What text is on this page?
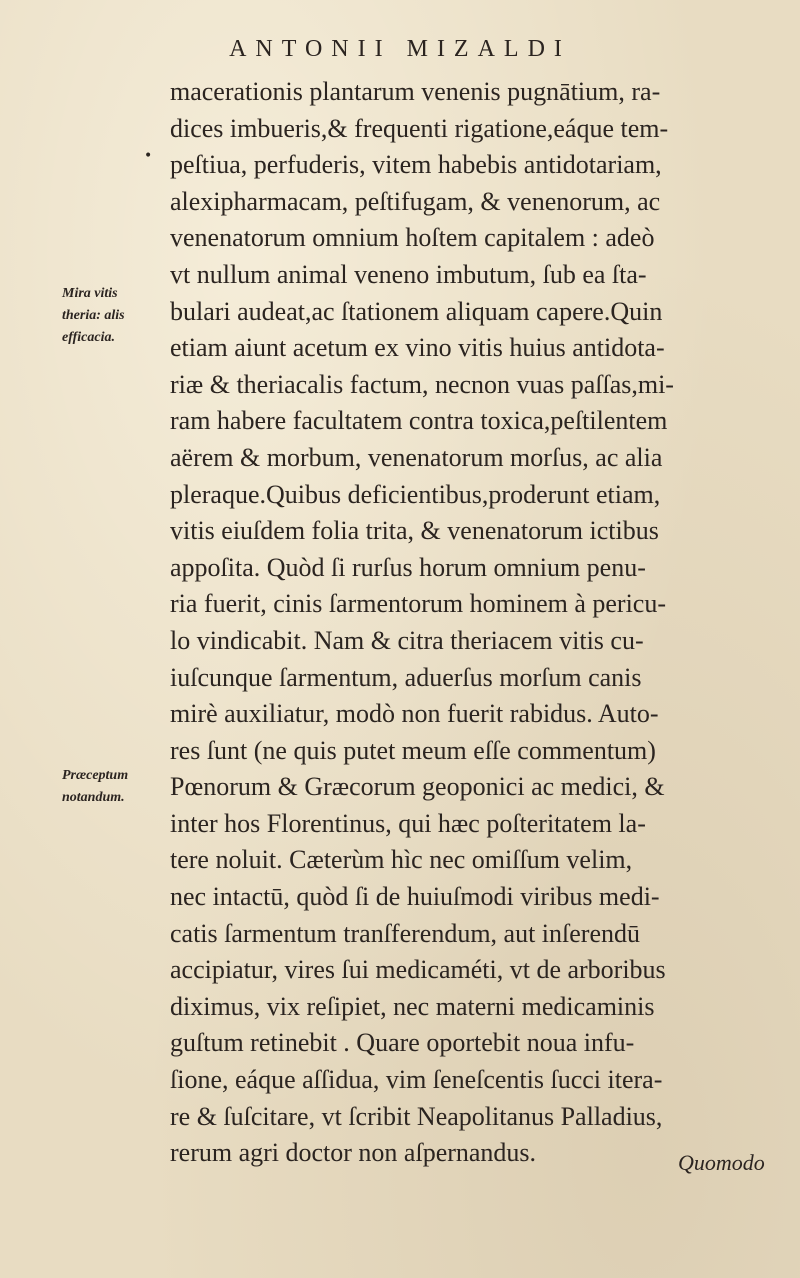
ANTONII MIZALDI
•
Mira vitis
theria: alis
efficacia.
Præceptum
notandum.
macerationis plantarum venenis pugnātium, ra-
dices imbueris,& frequenti rigatione,eáque tem-
peſtiua, perfuderis, vitem habebis antidotariam,
alexipharmacam, peſtifugam, & venenorum, ac
venenatorum omnium hoſtem capitalem : adeò
vt nullum animal veneno imbutum, ſub ea ſta-
bulari audeat,ac ſtationem aliquam capere.Quin
etiam aiunt acetum ex vino vitis huius antidota-
riæ & theriacalis factum, necnon vuas paſſas,mi-
ram habere facultatem contra toxica,peſtilentem
aërem & morbum, venenatorum morſus, ac alia
pleraque.Quibus deficientibus,proderunt etiam,
vitis eiuſdem folia trita, & venenatorum ictibus
appoſita. Quòd ſi rurſus horum omnium penu-
ria fuerit, cinis ſarmentorum hominem à pericu-
lo vindicabit. Nam & citra theriacem vitis cu-
iuſcunque ſarmentum, aduerſus morſum canis
mirè auxiliatur, modò non fuerit rabidus. Auto-
res ſunt (ne quis putet meum eſſe commentum)
Pœnorum & Græcorum geoponici ac medici, &
inter hos Florentinus, qui hæc poſteritatem la-
tere noluit. Cæterùm hìc nec omiſſum velim,
nec intactū, quòd ſi de huiuſmodi viribus medi-
catis ſarmentum tranſferendum, aut inſerendū
accipiatur, vires ſui medicaméti, vt de arboribus
diximus, vix reſipiet, nec materni medicaminis
guſtum retinebit . Quare oportebit noua infu-
ſione, eáque aſſidua, vim ſeneſcentis ſucci itera-
re & ſuſcitare, vt ſcribit Neapolitanus Palladius,
rerum agri doctor non aſpernandus.	Quomodo
